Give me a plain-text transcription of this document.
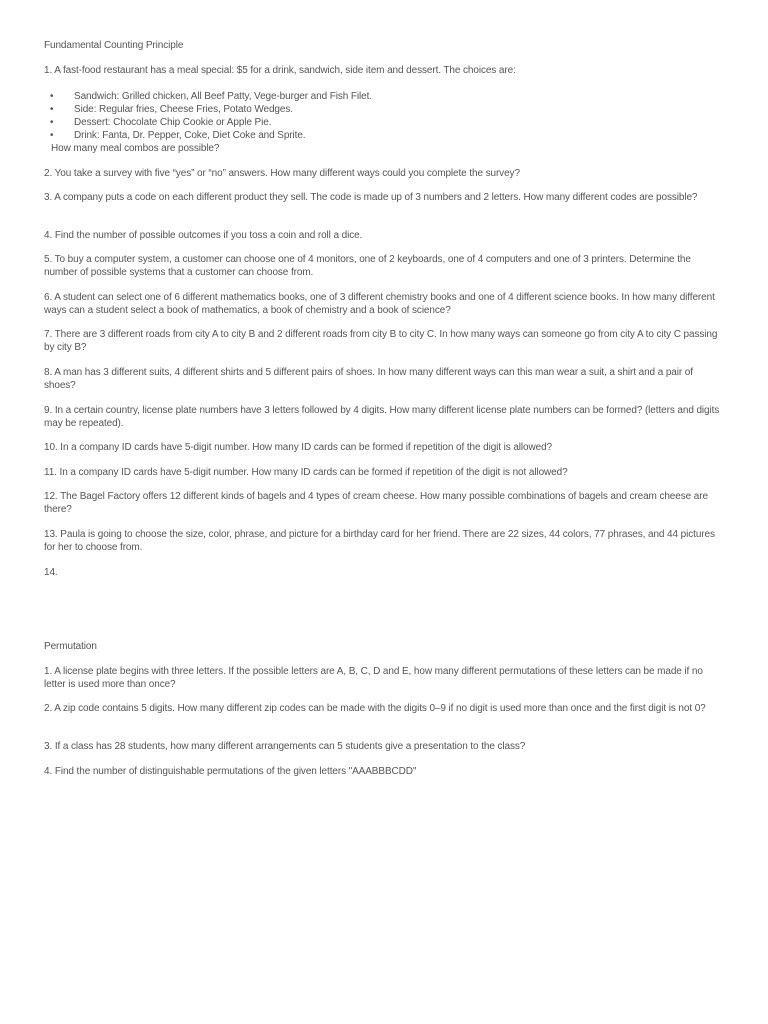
Fundamental Counting Principle

1. A fast-food restaurant has a meal special: $5 for a drink, sandwich, side item and dessert. The choices are:

• Sandwich: Grilled chicken, All Beef Patty, Vege-burger and Fish Filet.
• Side: Regular fries, Cheese Fries, Potato Wedges.
• Dessert: Chocolate Chip Cookie or Apple Pie.
• Drink: Fanta, Dr. Pepper, Coke, Diet Coke and Sprite.

How many meal combos are possible?

2. You take a survey with five “yes” or “no” answers. How many different ways could you complete the survey?

3. A company puts a code on each different product they sell. The code is made up of 3 numbers and 2 letters. How many different codes are possible?

4. Find the number of possible outcomes if you toss a coin and roll a dice.

5. To buy a computer system, a customer can choose one of 4 monitors, one of 2 keyboards, one of 4 computers and one of 3 printers. Determine the number of possible systems that a customer can choose from.

6. A student can select one of 6 different mathematics books, one of 3 different chemistry books and one of 4 different science books. In how many different ways can a student select a book of mathematics, a book of chemistry and a book of science?

7. There are 3 different roads from city A to city B and 2 different roads from city B to city C. In how many ways can someone go from city A to city C passing by city B?

8. A man has 3 different suits, 4 different shirts and 5 different pairs of shoes. In how many different ways can this man wear a suit, a shirt and a pair of shoes?

9. In a certain country, license plate numbers have 3 letters followed by 4 digits. How many different license plate numbers can be formed? (letters and digits may be repeated).

10. In a company ID cards have 5-digit number. How many ID cards can be formed if repetition of the digit is allowed?

11. In a company ID cards have 5-digit number. How many ID cards can be formed if repetition of the digit is not allowed?

12. The Bagel Factory offers 12 different kinds of bagels and 4 types of cream cheese. How many possible combinations of bagels and cream cheese are there?

13. Paula is going to choose the size, color, phrase, and picture for a birthday card for her friend. There are 22 sizes, 44 colors, 77 phrases, and 44 pictures for her to choose from.

14.

Permutation

1. A license plate begins with three letters. If the possible letters are A, B, C, D and E, how many different permutations of these letters can be made if no letter is used more than once?

2. A zip code contains 5 digits. How many different zip codes can be made with the digits 0–9 if no digit is used more than once and the first digit is not 0?

3. If a class has 28 students, how many different arrangements can 5 students give a presentation to the class?

4. Find the number of distinguishable permutations of the given letters "AAABBBCDD"
